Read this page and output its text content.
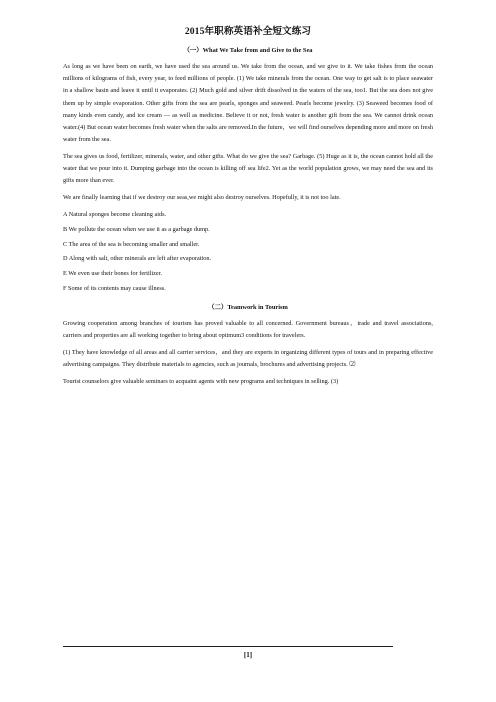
2015年职称英语补全短文练习
（一）What We Take from and Give to the Sea

As long as we have been on earth, we have used the sea around us. We take from the ocean, and we give to it. We take fishes from the ocean　millions of kilograms of fish, every year, to feed millions of people. (1) We take minerals from the ocean. One way to get salt is to place seawater in a shallow basin and leave it until it evaporates. (2) Much gold and silver drift dissolved in the waters of the sea, too1. But the sea does not give them up by simple evaporation. Other gifts from the sea are pearls, sponges and seaweed. Pearls become jewelry. (3) Seaweed becomes food of many kinds even candy, and ice cream — as well as medicine. Believe it or not, fresh water is another gift from the sea. We cannot drink ocean water.(4) But ocean water becomes fresh water when the salts are removed.In the future，we will find ourselves depending more and more on fresh water from the sea.

The sea gives us food, fertilizer, minerals, water, and other gifts. What do we give the sea? Garbage. (5) Huge as it is, the ocean cannot hold all the water that we pour into it. Dumping garbage into the ocean is killing off sea life2. Yet as the world population grows, we may need the sea and its gifts more than ever.

We are finally learning that if we destroy our seas,we might also destroy ourselves. Hopefully, it is not too late.

A Natural sponges become cleaning aids.

B We pollute the ocean when we use it as a garbage dump.

C The area of the sea is becoming smaller and smaller.

D Along with salt, other minerals are left after evaporation.

E We even use their bones for fertilizer.

F Some of its contents may cause illness.

（二）Teamwork in Tourism

Growing cooperation among branches of tourism has proved valuable to all concerned. Government bureaus，trade and travel associations, carriers and properties are all working together to bring about optimum3 conditions for travelers.

(1) They have knowledge of all areas and all carrier services，and they are experts in organizing different types of tours and in preparing effective advertising campaigns. They distribute materials to agencies, such as journals, brochures and advertising projects. ⑵

Tourist counselors give valuable seminars to acquaint agents with new programs and techniques in selling. (3)

[1]
